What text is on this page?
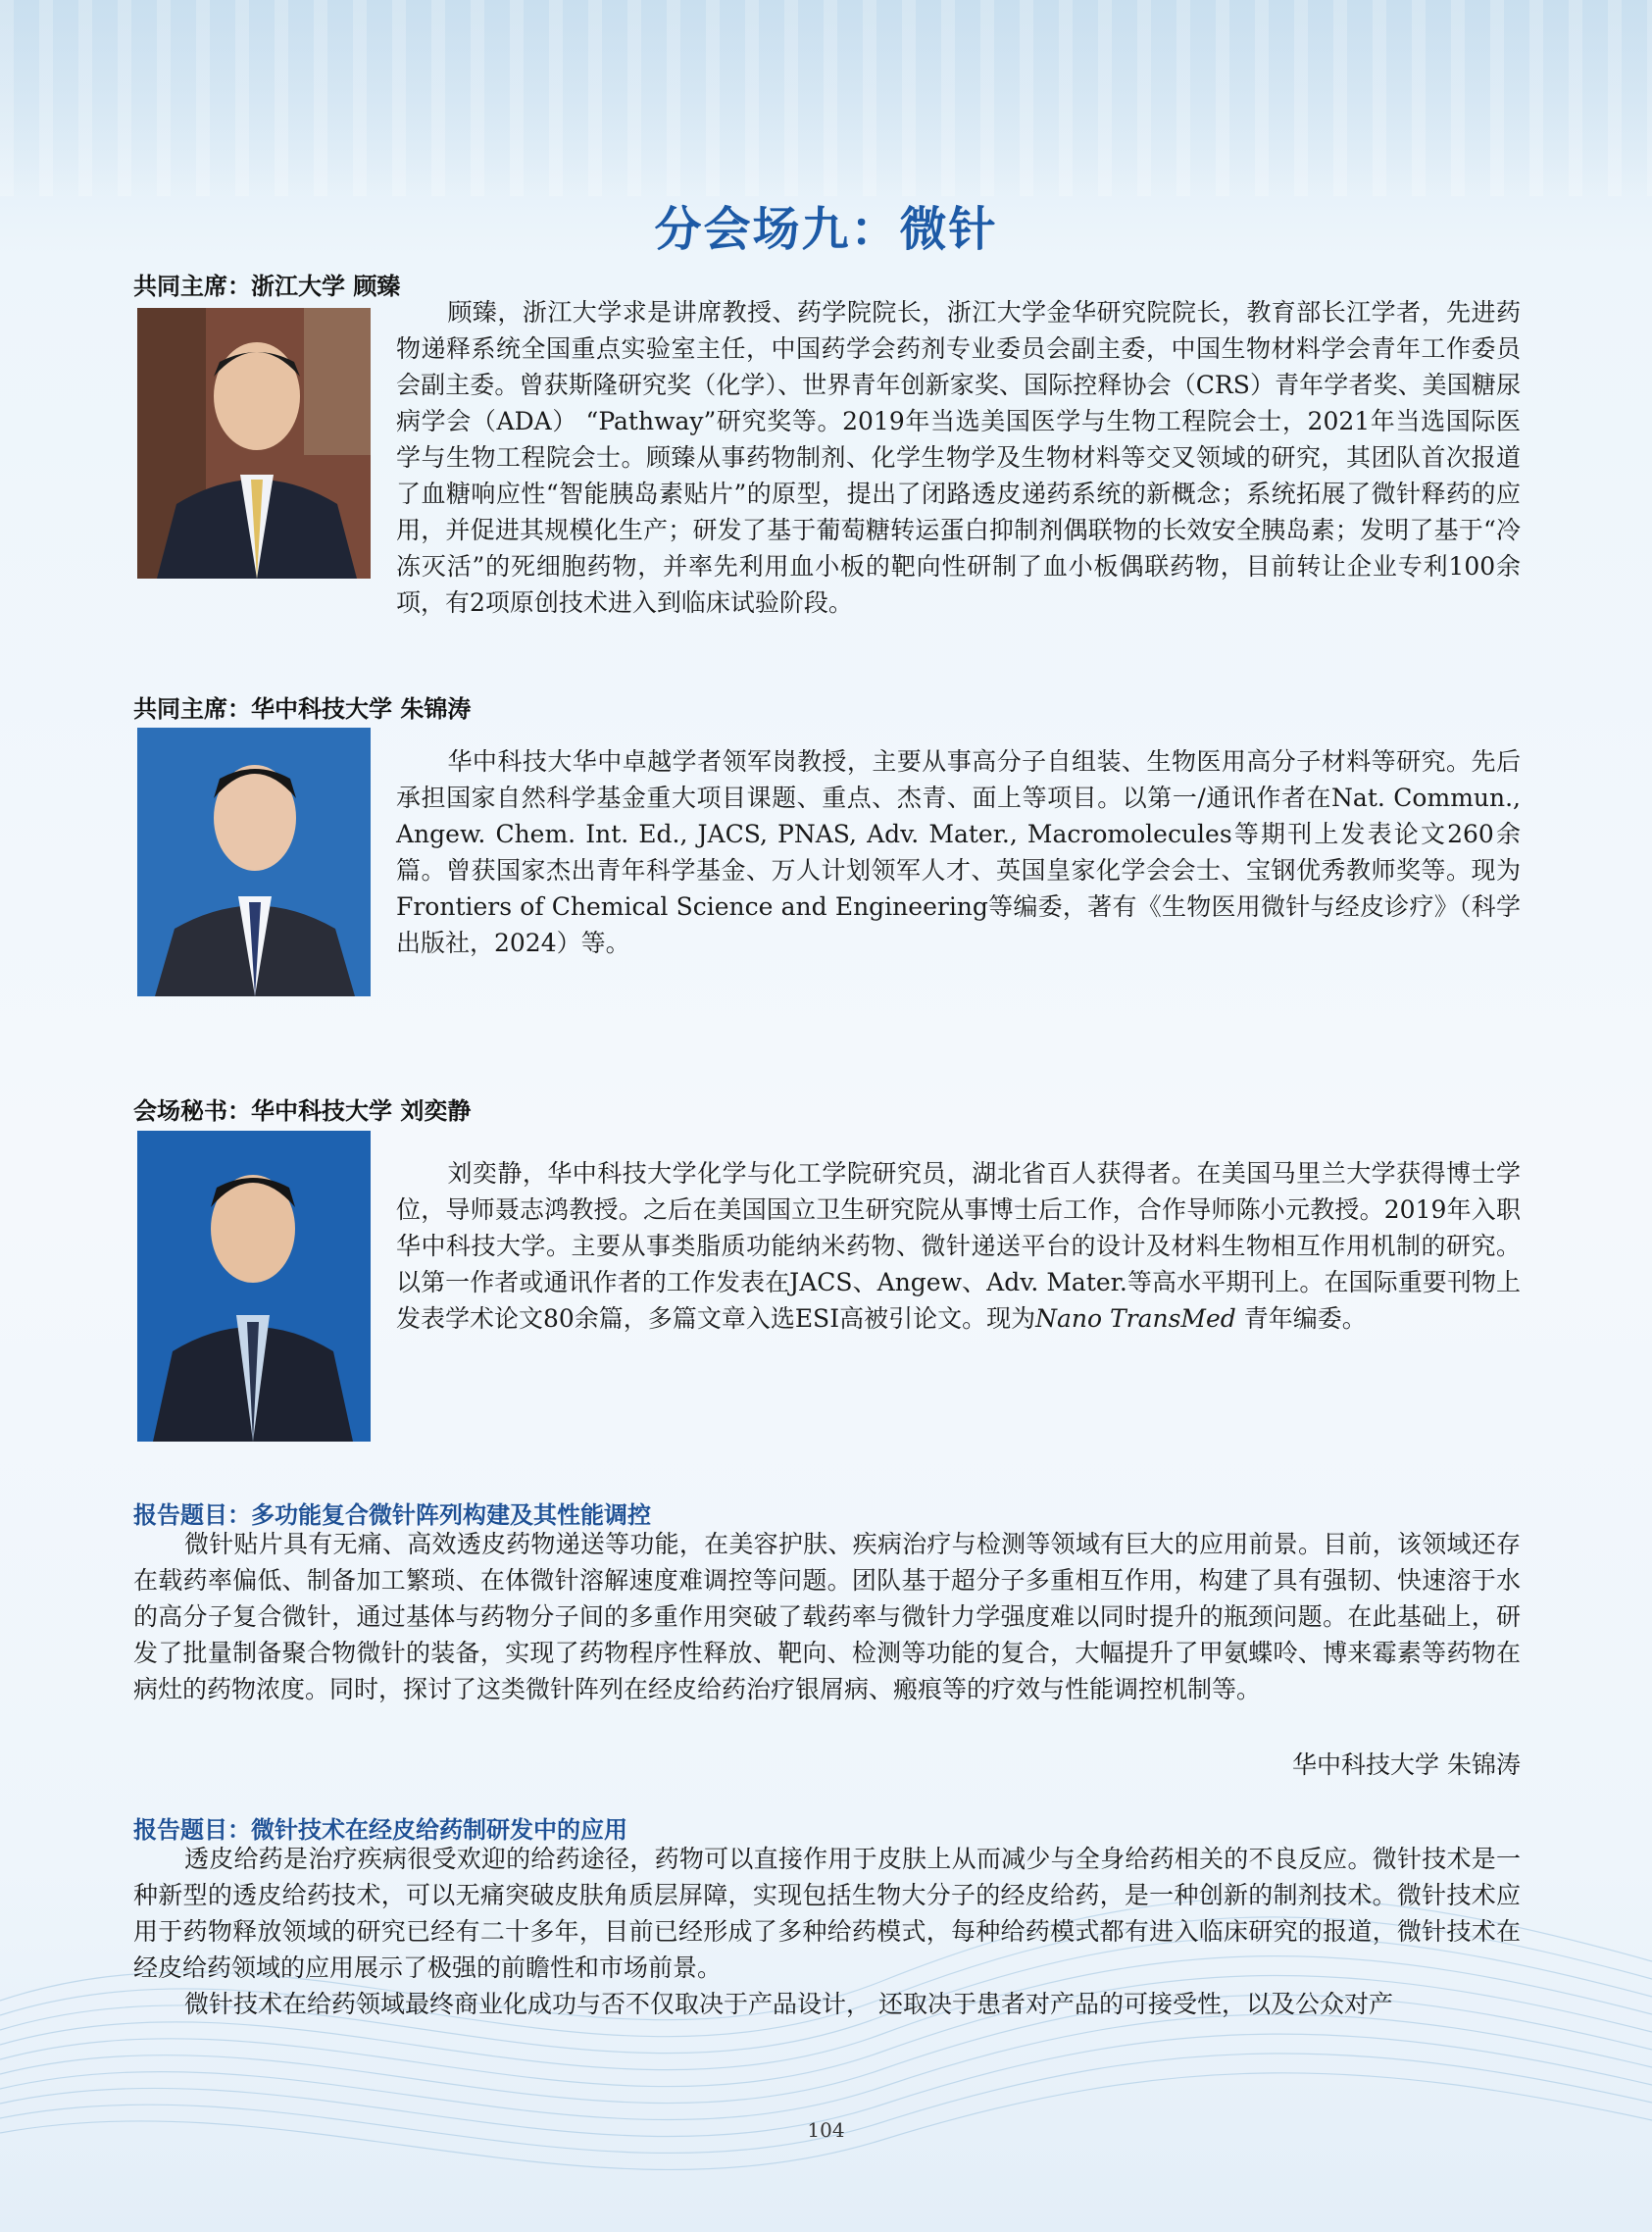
分会场九：微针
共同主席：浙江大学 顾臻
顾臻，浙江大学求是讲席教授、药学院院长，浙江大学金华研究院院长，教育部长江学者，先进药物递释系统全国重点实验室主任，中国药学会药剂专业委员会副主委，中国生物材料学会青年工作委员会副主委。曾获斯隆研究奖（化学）、世界青年创新家奖、国际控释协会（CRS）青年学者奖、美国糖尿病学会（ADA） “Pathway”研究奖等。2019年当选美国医学与生物工程院会士，2021年当选国际医学与生物工程院会士。顾臻从事药物制剂、化学生物学及生物材料等交叉领域的研究，其团队首次报道了血糖响应性“智能胰岛素贴片”的原型，提出了闭路透皮递药系统的新概念；系统拓展了微针释药的应用，并促进其规模化生产；研发了基于葡萄糖转运蛋白抑制剂偶联物的长效安全胰岛素；发明了基于“冷冻灭活”的死细胞药物，并率先利用血小板的靶向性研制了血小板偶联药物，目前转让企业专利100余项，有2项原创技术进入到临床试验阶段。
共同主席：华中科技大学 朱锦涛
华中科技大华中卓越学者领军岗教授，主要从事高分子自组装、生物医用高分子材料等研究。先后承担国家自然科学基金重大项目课题、重点、杰青、面上等项目。以第一/通讯作者在Nat. Commun., Angew. Chem. Int. Ed., JACS, PNAS, Adv. Mater., Macromolecules等期刊上发表论文260余篇。曾获国家杰出青年科学基金、万人计划领军人才、英国皇家化学会会士、宝钢优秀教师奖等。现为Frontiers of Chemical Science and Engineering等编委，著有《生物医用微针与经皮诊疗》（科学出版社，2024）等。
会场秘书：华中科技大学 刘奕静
刘奕静，华中科技大学化学与化工学院研究员，湖北省百人获得者。在美国马里兰大学获得博士学位，导师聂志鸿教授。之后在美国国立卫生研究院从事博士后工作，合作导师陈小元教授。2019年入职华中科技大学。主要从事类脂质功能纳米药物、微针递送平台的设计及材料生物相互作用机制的研究。以第一作者或通讯作者的工作发表在JACS、Angew、Adv. Mater.等高水平期刊上。在国际重要刊物上发表学术论文80余篇，多篇文章入选ESI高被引论文。现为Nano TransMed 青年编委。
报告题目：多功能复合微针阵列构建及其性能调控

微针贴片具有无痛、高效透皮药物递送等功能，在美容护肤、疾病治疗与检测等领域有巨大的应用前景。目前，该领域还存在载药率偏低、制备加工繁琐、在体微针溶解速度难调控等问题。团队基于超分子多重相互作用，构建了具有强韧、快速溶于水的高分子复合微针，通过基体与药物分子间的多重作用突破了载药率与微针力学强度难以同时提升的瓶颈问题。在此基础上，研发了批量制备聚合物微针的装备，实现了药物程序性释放、靶向、检测等功能的复合，大幅提升了甲氨蝶呤、博来霉素等药物在病灶的药物浓度。同时，探讨了这类微针阵列在经皮给药治疗银屑病、瘢痕等的疗效与性能调控机制等。

华中科技大学 朱锦涛
报告题目：微针技术在经皮给药制研发中的应用

透皮给药是治疗疾病很受欢迎的给药途径，药物可以直接作用于皮肤上从而减少与全身给药相关的不良反应。微针技术是一种新型的透皮给药技术，可以无痛突破皮肤角质层屏障，实现包括生物大分子的经皮给药，是一种创新的制剂技术。微针技术应用于药物释放领域的研究已经有二十多年，目前已经形成了多种给药模式，每种给药模式都有进入临床研究的报道，微针技术在经皮给药领域的应用展示了极强的前瞻性和市场前景。

微针技术在给药领域最终商业化成功与否不仅取决于产品设计， 还取决于患者对产品的可接受性，以及公众对产

104
